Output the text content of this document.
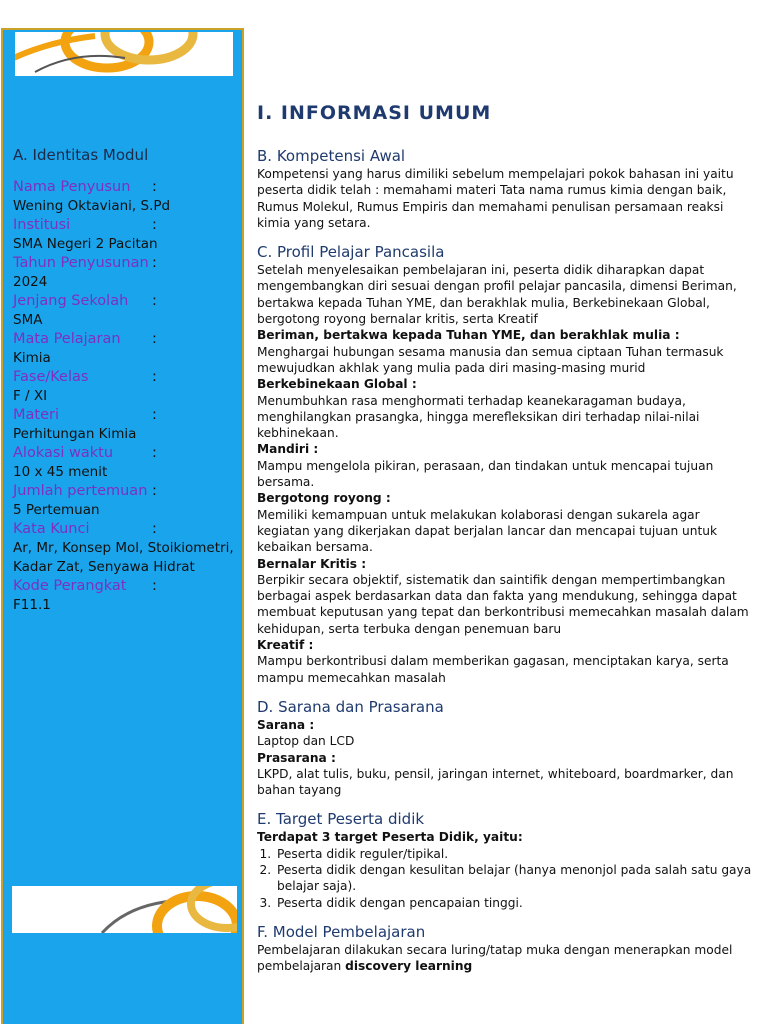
A. Identitas Modul
Nama Penyusun :
Wening Oktaviani, S.Pd
Institusi	:
SMA Negeri 2 Pacitan
Tahun Penyusunan :
2024
Jenjang Sekolah :
SMA
Mata Pelajaran :
Kimia
Fase/Kelas	:
F / XI
Materi	:
Perhitungan Kimia
Alokasi waktu	:
10 x 45 menit
Jumlah pertemuan :
5 Pertemuan
Kata Kunci	:
Ar, Mr, Konsep Mol, Stoikiometri, Kadar Zat, Senyawa Hidrat
Kode Perangkat :
F11.1
I. INFORMASI UMUM
B. Kompetensi Awal

Kompetensi yang harus dimiliki sebelum mempelajari pokok bahasan ini yaitu peserta didik telah : memahami materi Tata nama rumus kimia dengan baik, Rumus Molekul, Rumus Empiris dan memahami penulisan persamaan reaksi kimia yang setara.

C. Profil Pelajar Pancasila

Setelah menyelesaikan pembelajaran ini, peserta didik diharapkan dapat mengembangkan diri sesuai dengan profil pelajar pancasila, dimensi Beriman, bertakwa kepada Tuhan YME, dan berakhlak mulia, Berkebinekaan Global, bergotong royong bernalar kritis, serta Kreatif

Beriman, bertakwa kepada Tuhan YME, dan berakhlak mulia :

Menghargai hubungan sesama manusia dan semua ciptaan Tuhan termasuk mewujudkan akhlak yang mulia pada diri masing-masing murid

Berkebinekaan Global :

Menumbuhkan rasa menghormati terhadap keanekaragaman budaya, menghilangkan prasangka, hingga merefleksikan diri terhadap nilai-nilai kebhinekaan.

Mandiri :

Mampu mengelola pikiran, perasaan, dan tindakan untuk mencapai tujuan bersama.

Bergotong royong :

Memiliki kemampuan untuk melakukan kolaborasi dengan sukarela agar kegiatan yang dikerjakan dapat berjalan lancar dan mencapai tujuan untuk kebaikan bersama.

Bernalar Kritis :

Berpikir secara objektif, sistematik dan saintifik dengan mempertimbangkan berbagai aspek berdasarkan data dan fakta yang mendukung, sehingga dapat membuat keputusan yang tepat dan berkontribusi memecahkan masalah dalam kehidupan, serta terbuka dengan penemuan baru

Kreatif :

Mampu berkontribusi dalam memberikan gagasan, menciptakan karya, serta mampu memecahkan masalah

D. Sarana dan Prasarana

Sarana :

Laptop dan LCD

Prasarana :

LKPD, alat tulis, buku, pensil, jaringan internet, whiteboard, boardmarker, dan bahan tayang

E. Target Peserta didik

Terdapat 3 target Peserta Didik, yaitu:

1. Peserta didik reguler/tipikal.
2. Peserta didik dengan kesulitan belajar (hanya menonjol pada salah satu gaya belajar saja).
3. Peserta didik dengan pencapaian tinggi.
F. Model Pembelajaran

Pembelajaran dilakukan secara luring/tatap muka dengan menerapkan model pembelajaran discovery learning
